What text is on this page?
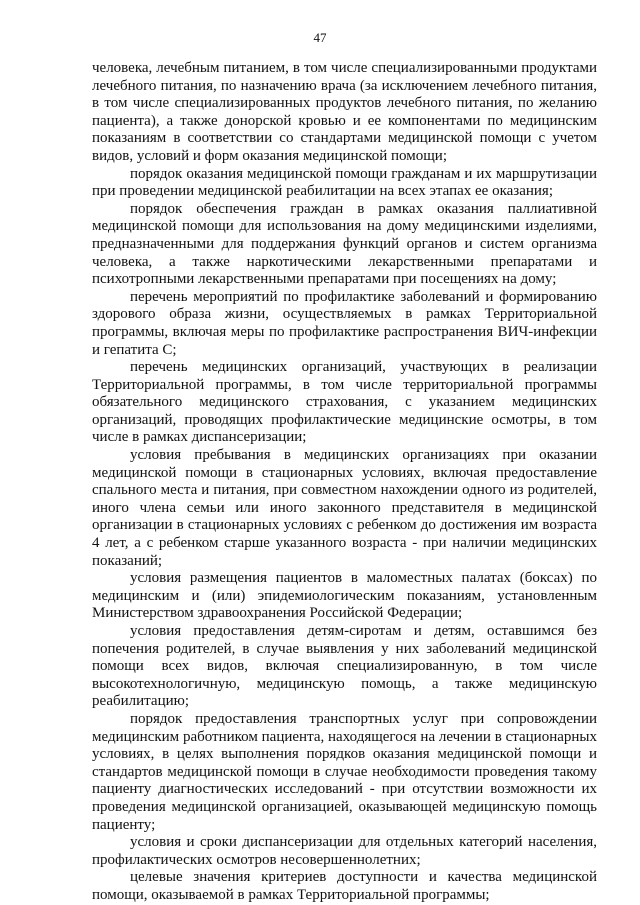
47

человека, лечебным питанием, в том числе специализированными продуктами лечебного питания, по назначению врача (за исключением лечебного питания, в том числе специализированных продуктов лечебного питания, по желанию пациента), а также донорской кровью и ее компонентами по медицинским показаниям в соответствии со стандартами медицинской помощи с учетом видов, условий и форм оказания медицинской помощи;

порядок оказания медицинской помощи гражданам и их маршрутизации при проведении медицинской реабилитации на всех этапах ее оказания;

порядок обеспечения граждан в рамках оказания паллиативной медицинской помощи для использования на дому медицинскими изделиями, предназначенными для поддержания функций органов и систем организма человека, а также наркотическими лекарственными препаратами и психотропными лекарственными препаратами при посещениях на дому;

перечень мероприятий по профилактике заболеваний и формированию здорового образа жизни, осуществляемых в рамках Территориальной программы, включая меры по профилактике распространения ВИЧ-инфекции и гепатита С;

перечень медицинских организаций, участвующих в реализации Территориальной программы, в том числе территориальной программы обязательного медицинского страхования, с указанием медицинских организаций, проводящих профилактические медицинские осмотры, в том числе в рамках диспансеризации;

условия пребывания в медицинских организациях при оказании медицинской помощи в стационарных условиях, включая предоставление спального места и питания, при совместном нахождении одного из родителей, иного члена семьи или иного законного представителя в медицинской организации в стационарных условиях с ребенком до достижения им возраста 4 лет, а с ребенком старше указанного возраста - при наличии медицинских показаний;

условия размещения пациентов в маломестных палатах (боксах) по медицинским и (или) эпидемиологическим показаниям, установленным Министерством здравоохранения Российской Федерации;

условия предоставления детям-сиротам и детям, оставшимся без попечения родителей, в случае выявления у них заболеваний медицинской помощи всех видов, включая специализированную, в том числе высокотехнологичную, медицинскую помощь, а также медицинскую реабилитацию;

порядок предоставления транспортных услуг при сопровождении медицинским работником пациента, находящегося на лечении в стационарных условиях, в целях выполнения порядков оказания медицинской помощи и стандартов медицинской помощи в случае необходимости проведения такому пациенту диагностических исследований - при отсутствии возможности их проведения медицинской организацией, оказывающей медицинскую помощь пациенту;

условия и сроки диспансеризации для отдельных категорий населения, профилактических осмотров несовершеннолетних;

целевые значения критериев доступности и качества медицинской помощи, оказываемой в рамках Территориальной программы;
